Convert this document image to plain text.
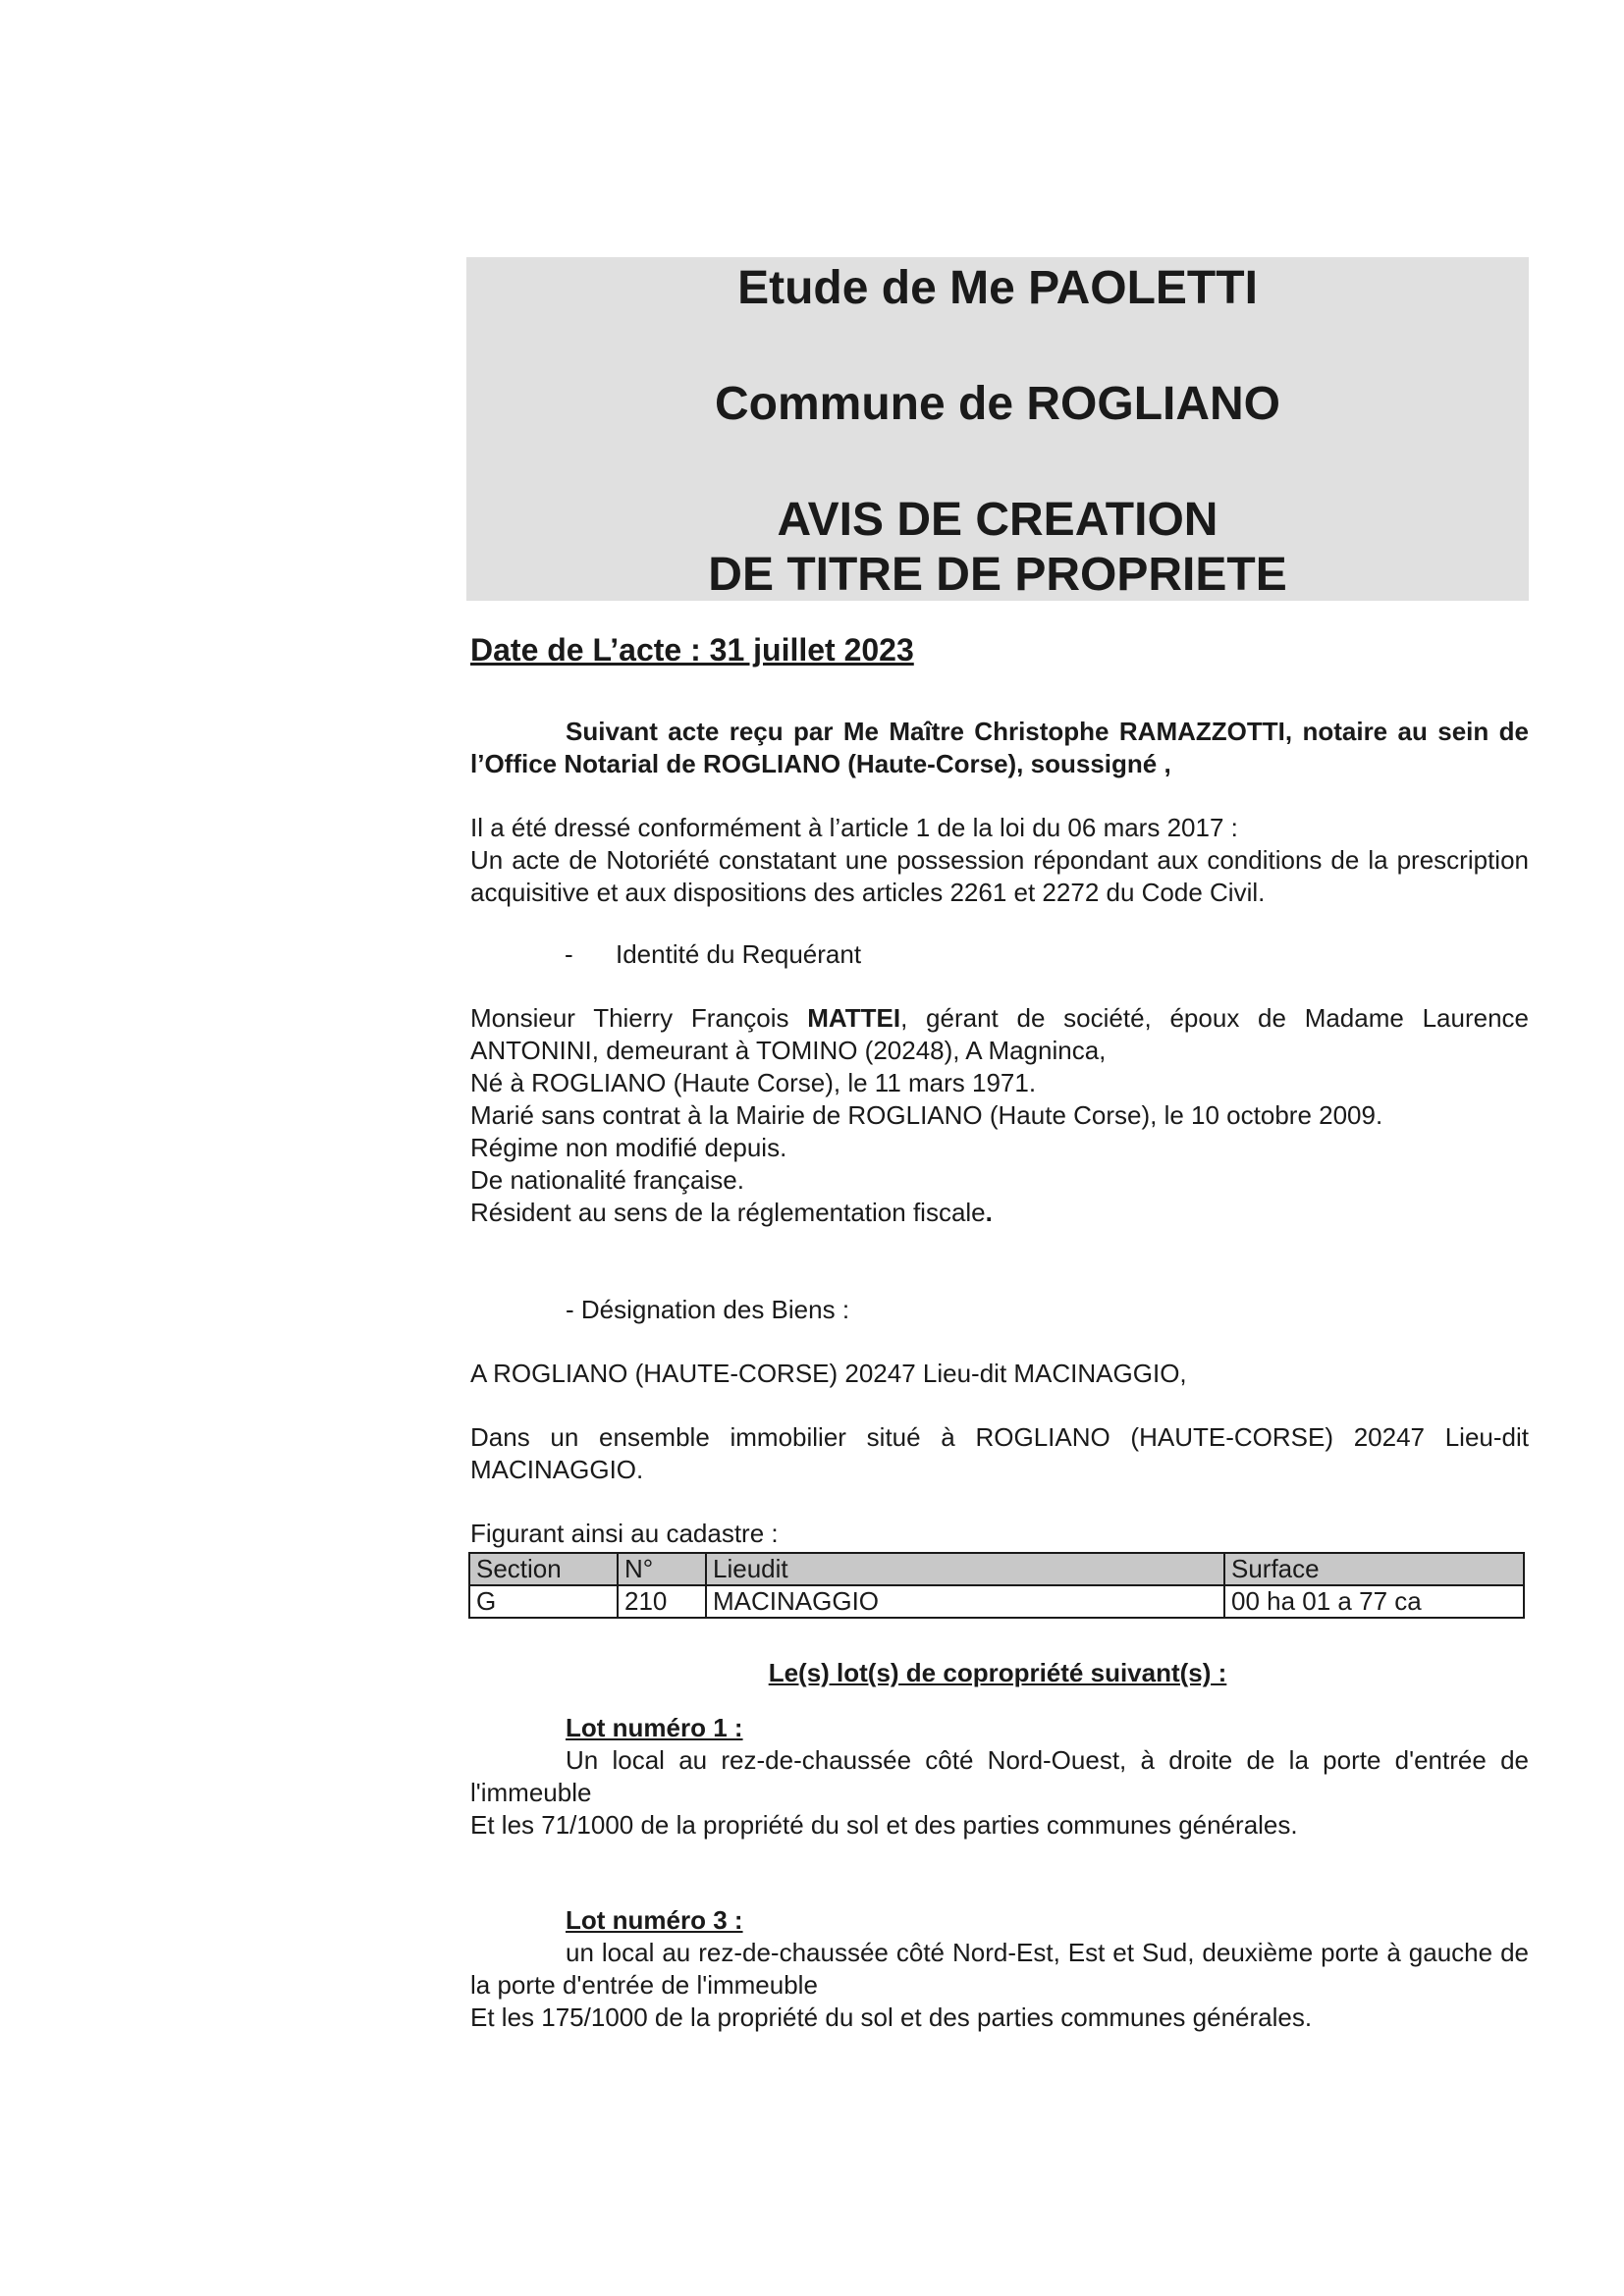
Etude de Me PAOLETTI
Commune de ROGLIANO
AVIS DE CREATION
DE TITRE DE PROPRIETE
Date de L’acte : 31 juillet 2023
Suivant acte reçu par Me Maître Christophe RAMAZZOTTI, notaire au sein de l’Office Notarial de ROGLIANO (Haute-Corse), soussigné ,
Il a été dressé conformément à l’article 1 de la loi du 06 mars 2017 :
Un acte de Notoriété constatant une possession répondant aux conditions de la prescription acquisitive et aux dispositions des articles 2261 et 2272 du Code Civil.
- Identité du Requérant
Monsieur Thierry François MATTEI, gérant de société, époux de Madame Laurence ANTONINI, demeurant à TOMINO (20248), A Magninca,
Né à ROGLIANO (Haute Corse), le 11 mars 1971.
Marié sans contrat à la Mairie de ROGLIANO (Haute Corse), le 10 octobre 2009.
Régime non modifié depuis.
De nationalité française.
Résident au sens de la réglementation fiscale.
- Désignation des Biens :
A ROGLIANO (HAUTE-CORSE) 20247 Lieu-dit MACINAGGIO,
Dans un ensemble immobilier situé à ROGLIANO (HAUTE-CORSE) 20247 Lieu-dit MACINAGGIO.
Figurant ainsi au cadastre :
Section	N°	Lieudit	Surface
G	210	MACINAGGIO	00 ha 01 a 77 ca
Le(s) lot(s) de copropriété suivant(s) :
Lot numéro 1 :
Un local au rez-de-chaussée côté Nord-Ouest, à droite de la porte d'entrée de l'immeuble
Et les 71/1000 de la propriété du sol et des parties communes générales.
Lot numéro 3 :
un local au rez-de-chaussée côté Nord-Est, Est et Sud, deuxième porte à gauche de la porte d'entrée de l'immeuble
Et les 175/1000 de la propriété du sol et des parties communes générales.
